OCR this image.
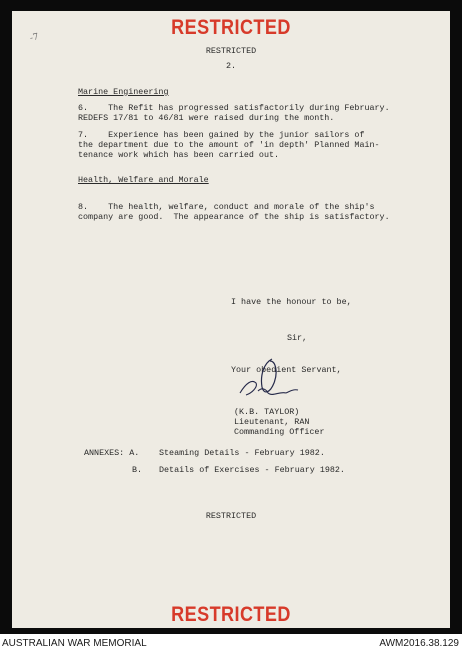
RESTRICTED
-7
RESTRICTED
2.
Marine Engineering
6.    The Refit has progressed satisfactorily during February.
REDEFS 17/81 to 46/81 were raised during the month.
7.    Experience has been gained by the junior sailors of
the department due to the amount of 'in depth' Planned Main-
tenance work which has been carried out.
Health, Welfare and Morale
8.    The health, welfare, conduct and morale of the ship's
company are good.  The appearance of the ship is satisfactory.
I have the honour to be,
Sir,
Your obedient Servant,
(K.B. TAYLOR)
Lieutenant, RAN
Commanding Officer
ANNEXES: A. Steaming Details - February 1982.
B. Details of Exercises - February 1982.
RESTRICTED
RESTRICTED
AUSTRALIAN WAR MEMORIAL	AWM2016.38.129
